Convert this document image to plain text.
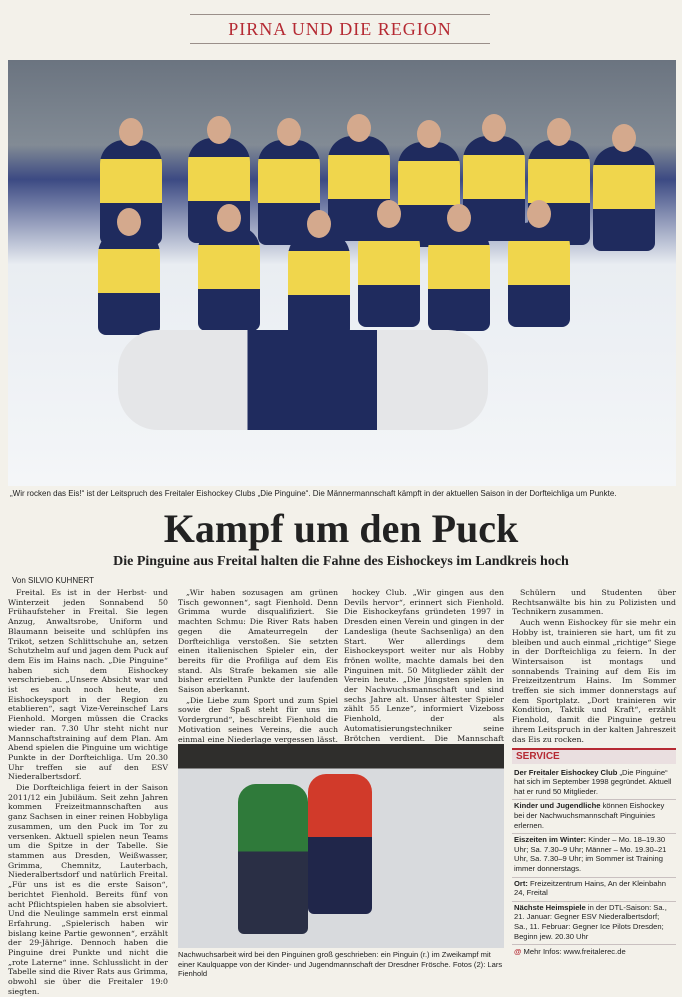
PIRNA UND DIE REGION
„Wir rocken das Eis!“ ist der Leitspruch des Freitaler Eishockey Clubs „Die Pinguine“. Die Männermannschaft kämpft in der aktuellen Saison in der Dorfteichliga um Punkte.
Kampf um den Puck
Die Pinguine aus Freital halten die Fahne des Eishockeys im Landkreis hoch
Von SILVIO KUHNERT

Freital. Es ist in der Herbst- und Winterzeit jeden Sonnabend 50 Frühaufsteher in Freital. Sie legen Anzug, Anwaltsrobe, Uniform und Blaumann beiseite und schlüpfen ins Trikot, setzen Schlittschuhe an, setzen Schutzhelm auf und jagen dem Puck auf dem Eis im Hains nach. „Die Pinguine“ haben sich dem Eishockey verschrieben. „Unsere Absicht war und ist es auch noch heute, den Eishockeysport in der Region zu etablieren“, sagt Vize-Vereinschef Lars Fienhold. Morgen müssen die Cracks wieder ran. 7.30 Uhr steht nicht nur Mannschaftstraining auf dem Plan. Am Abend spielen die Pinguine um wichtige Punkte in der Dorfteichliga. Um 20.30 Uhr treffen sie auf den ESV Niederalbertsdorf.

Die Dorfteichliga feiert in der Saison 2011/12 ein Jubiläum. Seit zehn Jahren kommen Freizeitmannschaften aus ganz Sachsen in einer reinen Hobbyliga zusammen, um den Puck im Tor zu versenken. Aktuell spielen neun Teams um die Spitze in der Tabelle. Sie stammen aus Dresden, Weißwasser, Grimma, Chemnitz, Lauterbach, Niederalbertsdorf und natürlich Freital. „Für uns ist es die erste Saison“, berichtet Fienhold. Bereits fünf von acht Pflichtspielen haben sie absolviert. Und die Neulinge sammeln erst einmal Erfahrung. „Spielerisch haben wir bislang keine Partie gewonnen“, erzählt der 29-Jährige. Dennoch haben die Pinguine drei Punkte und nicht die „rote Laterne“ inne. Schlusslicht in der Tabelle sind die River Rats aus Grimma, obwohl sie über die Freitaler 19:0 siegten.

„Wir haben sozusagen am grünen Tisch gewonnen“, sagt Fienhold. Denn Grimma wurde disqualifiziert. Sie machten Schmu: Die River Rats haben gegen die Amateurregeln der Dorfteichliga verstoßen. Sie setzten einen italienischen Spieler ein, der bereits für die Profiliga auf dem Eis stand. Als Strafe bekamen sie alle bisher erzielten Punkte der laufenden Saison aberkannt.

„Die Liebe zum Sport und zum Spiel sowie der Spaß steht für uns im Vordergrund“, beschreibt Fienhold die Motivation seines Vereins, die auch einmal eine Niederlage vergessen lässt.

hockey Club. „Wir gingen aus den Devils hervor“, erinnert sich Fienhold. Die Eishockeyfans gründeten 1997 in Dresden einen Verein und gingen in der Landesliga (heute Sachsenliga) an den Start. Wer allerdings dem Eishockeysport weiter nur als Hobby frönen wollte, machte damals bei den Pinguinen mit. 50 Mitglieder zählt der Verein heute. „Die Jüngsten spielen in der Nachwuchsmannschaft und sind sechs Jahre alt. Unser ältester Spieler zählt 55 Lenze“, informiert Vizeboss Fienhold, der als Automatisierungstechniker seine Brötchen verdient. Die Mannschaft

Schülern und Studenten über Rechtsanwälte bis hin zu Polizisten und Technikern zusammen.

Auch wenn Eishockey für sie mehr ein Hobby ist, trainieren sie hart, um fit zu bleiben und auch einmal „richtige“ Siege in der Dorfteichliga zu feiern. In der Wintersaison ist montags und sonnabends Training auf dem Eis im Freizeitzentrum Hains. Im Sommer treffen sie sich immer donnerstags auf dem Sportplatz. „Dort trainieren wir Kondition, Taktik und Kraft“, erzählt Fienhold, damit die Pinguine getreu ihrem Leitspruch in der kalten Jahreszeit das Eis zu rocken.

Nachwuchsarbeit wird bei den Pinguinen groß geschrieben: ein Pinguin (r.) im Zweikampf mit einer Kaulquappe von der Kinder- und Jugendmannschaft der Dresdner Frösche. Fotos (2): Lars Fienhold
SERVICE
Der Freitaler Eishockey Club „Die Pinguine“ hat sich im September 1998 gegründet. Aktuell hat er rund 50 Mitglieder.
Kinder und Jugendliche können Eishockey bei der Nachwuchsmannschaft Pinguinies erlernen.
Eiszeiten im Winter: Kinder – Mo. 18–19.30 Uhr; Sa. 7.30–9 Uhr; Männer – Mo. 19.30–21 Uhr, Sa. 7.30–9 Uhr; im Sommer ist Training immer donnerstags.
Ort: Freizeitzentrum Hains, An der Kleinbahn 24, Freital
Nächste Heimspiele in der DTL-Saison: Sa., 21. Januar: Gegner ESV Niederalbertsdorf; Sa., 11. Februar: Gegner Ice Pilots Dresden; Beginn jew. 20.30 Uhr
@ Mehr Infos: www.freitalerec.de
